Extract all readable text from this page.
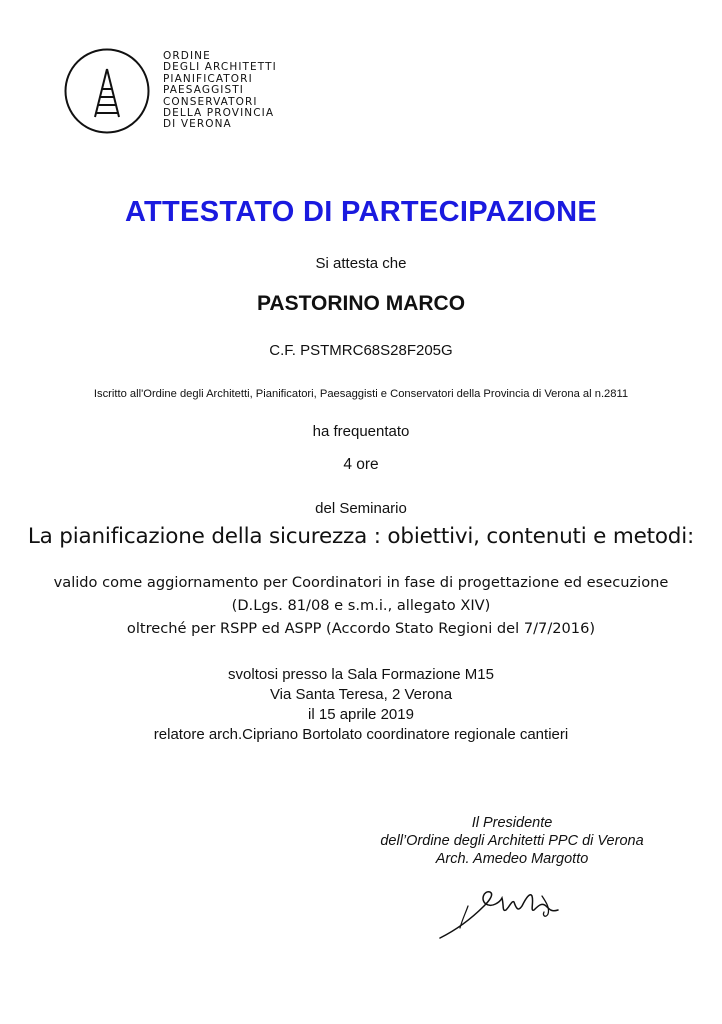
ORDINE
DEGLI ARCHITETTI
PIANIFICATORI
PAESAGGISTI
CONSERVATORI
DELLA PROVINCIA
DI VERONA
ATTESTATO DI PARTECIPAZIONE
Si attesta che
PASTORINO MARCO
C.F. PSTMRC68S28F205G
Iscritto all'Ordine degli Architetti, Pianificatori, Paesaggisti e Conservatori della Provincia di Verona al n.2811
ha frequentato
4 ore
del Seminario
La pianificazione della sicurezza : obiettivi, contenuti e metodi:
valido come aggiornamento per Coordinatori in fase di progettazione ed esecuzione
(D.Lgs. 81/08 e s.m.i., allegato XIV)
oltreché per RSPP ed ASPP (Accordo Stato Regioni del 7/7/2016)
svoltosi presso la Sala Formazione M15
Via Santa Teresa, 2 Verona
il 15 aprile 2019
relatore arch.Cipriano Bortolato coordinatore regionale cantieri
Il Presidente
dell’Ordine degli Architetti PPC di Verona
Arch. Amedeo Margotto
